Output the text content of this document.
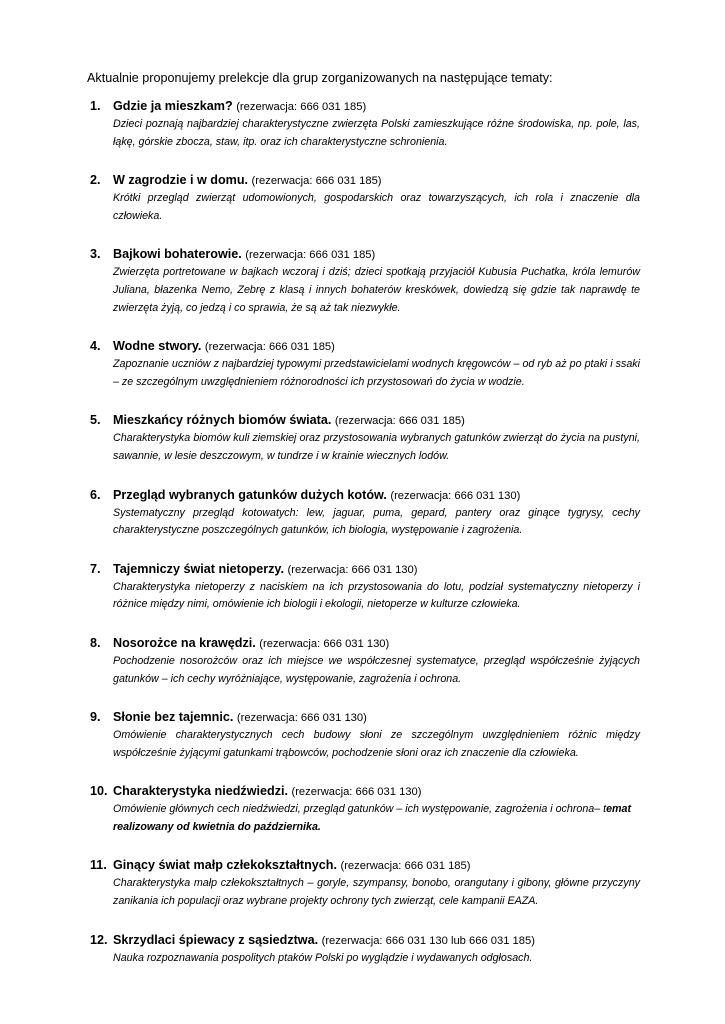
Aktualnie proponujemy prelekcje dla grup zorganizowanych na następujące tematy:
1. Gdzie ja mieszkam? (rezerwacja: 666 031 185)
Dzieci poznają najbardziej charakterystyczne zwierzęta Polski zamieszkujące różne środowiska, np. pole, las, łąkę, górskie zbocza, staw, itp. oraz ich charakterystyczne schronienia.
2. W zagrodzie i w domu. (rezerwacja: 666 031 185)
Krótki przegląd zwierząt udomowionych, gospodarskich oraz towarzyszących, ich rola i znaczenie dla człowieka.
3. Bajkowi bohaterowie. (rezerwacja: 666 031 185)
Zwierzęta portretowane w bajkach wczoraj i dziś; dzieci spotkają przyjaciół Kubusia Puchatka, króla lemurów Juliana, błazenka Nemo, Zebrę z klasą i innych bohaterów kreskówek, dowiedzą się gdzie tak naprawdę te zwierzęta żyją, co jedzą i co sprawia, że są aż tak niezwykłe.
4. Wodne stwory. (rezerwacja: 666 031 185)
Zapoznanie uczniów z najbardziej typowymi przedstawicielami wodnych kręgowców – od ryb aż po ptaki i ssaki – ze szczególnym uwzględnieniem różnorodności ich przystosowań do życia w wodzie.
5. Mieszkańcy różnych biomów świata. (rezerwacja: 666 031 185)
Charakterystyka biomów kuli ziemskiej oraz przystosowania wybranych gatunków zwierząt do życia na pustyni, sawannie, w lesie deszczowym, w tundrze i w krainie wiecznych lodów.
6. Przegląd wybranych gatunków dużych kotów. (rezerwacja: 666 031 130)
Systematyczny przegląd kotowatych: lew, jaguar, puma, gepard, pantery oraz ginące tygrysy, cechy charakterystyczne poszczególnych gatunków, ich biologia, występowanie i zagrożenia.
7. Tajemniczy świat nietoperzy. (rezerwacja: 666 031 130)
Charakterystyka nietoperzy z naciskiem na ich przystosowania do lotu, podział systematyczny nietoperzy i różnice między nimi, omówienie ich biologii i ekologii, nietoperze w kulturze człowieka.
8. Nosorożce na krawędzi. (rezerwacja: 666 031 130)
Pochodzenie nosorożców oraz ich miejsce we współczesnej systematyce, przegląd współcześnie żyjących gatunków – ich cechy wyróżniające, występowanie, zagrożenia i ochrona.
9. Słonie bez tajemnic. (rezerwacja: 666 031 130)
Omówienie charakterystycznych cech budowy słoni ze szczególnym uwzględnieniem różnic między współcześnie żyjącymi gatunkami trąbowców, pochodzenie słoni oraz ich znaczenie dla człowieka.
10. Charakterystyka niedźwiedzi. (rezerwacja: 666 031 130)
Omówienie głównych cech niedźwiedzi, przegląd gatunków – ich występowanie, zagrożenia i ochrona– temat realizowany od kwietnia do października.
11. Ginący świat małp człekokształtnych. (rezerwacja: 666 031 185)
Charakterystyka małp człekokształtnych – goryle, szympansy, bonobo, orangutany i gibony, główne przyczyny zanikania ich populacji oraz wybrane projekty ochrony tych zwierząt, cele kampanii EAZA.
12. Skrzydlaci śpiewacy z sąsiedztwa. (rezerwacja: 666 031 130 lub 666 031 185)
Nauka rozpoznawania pospolitych ptaków Polski po wyglądzie i wydawanych odgłosach.
